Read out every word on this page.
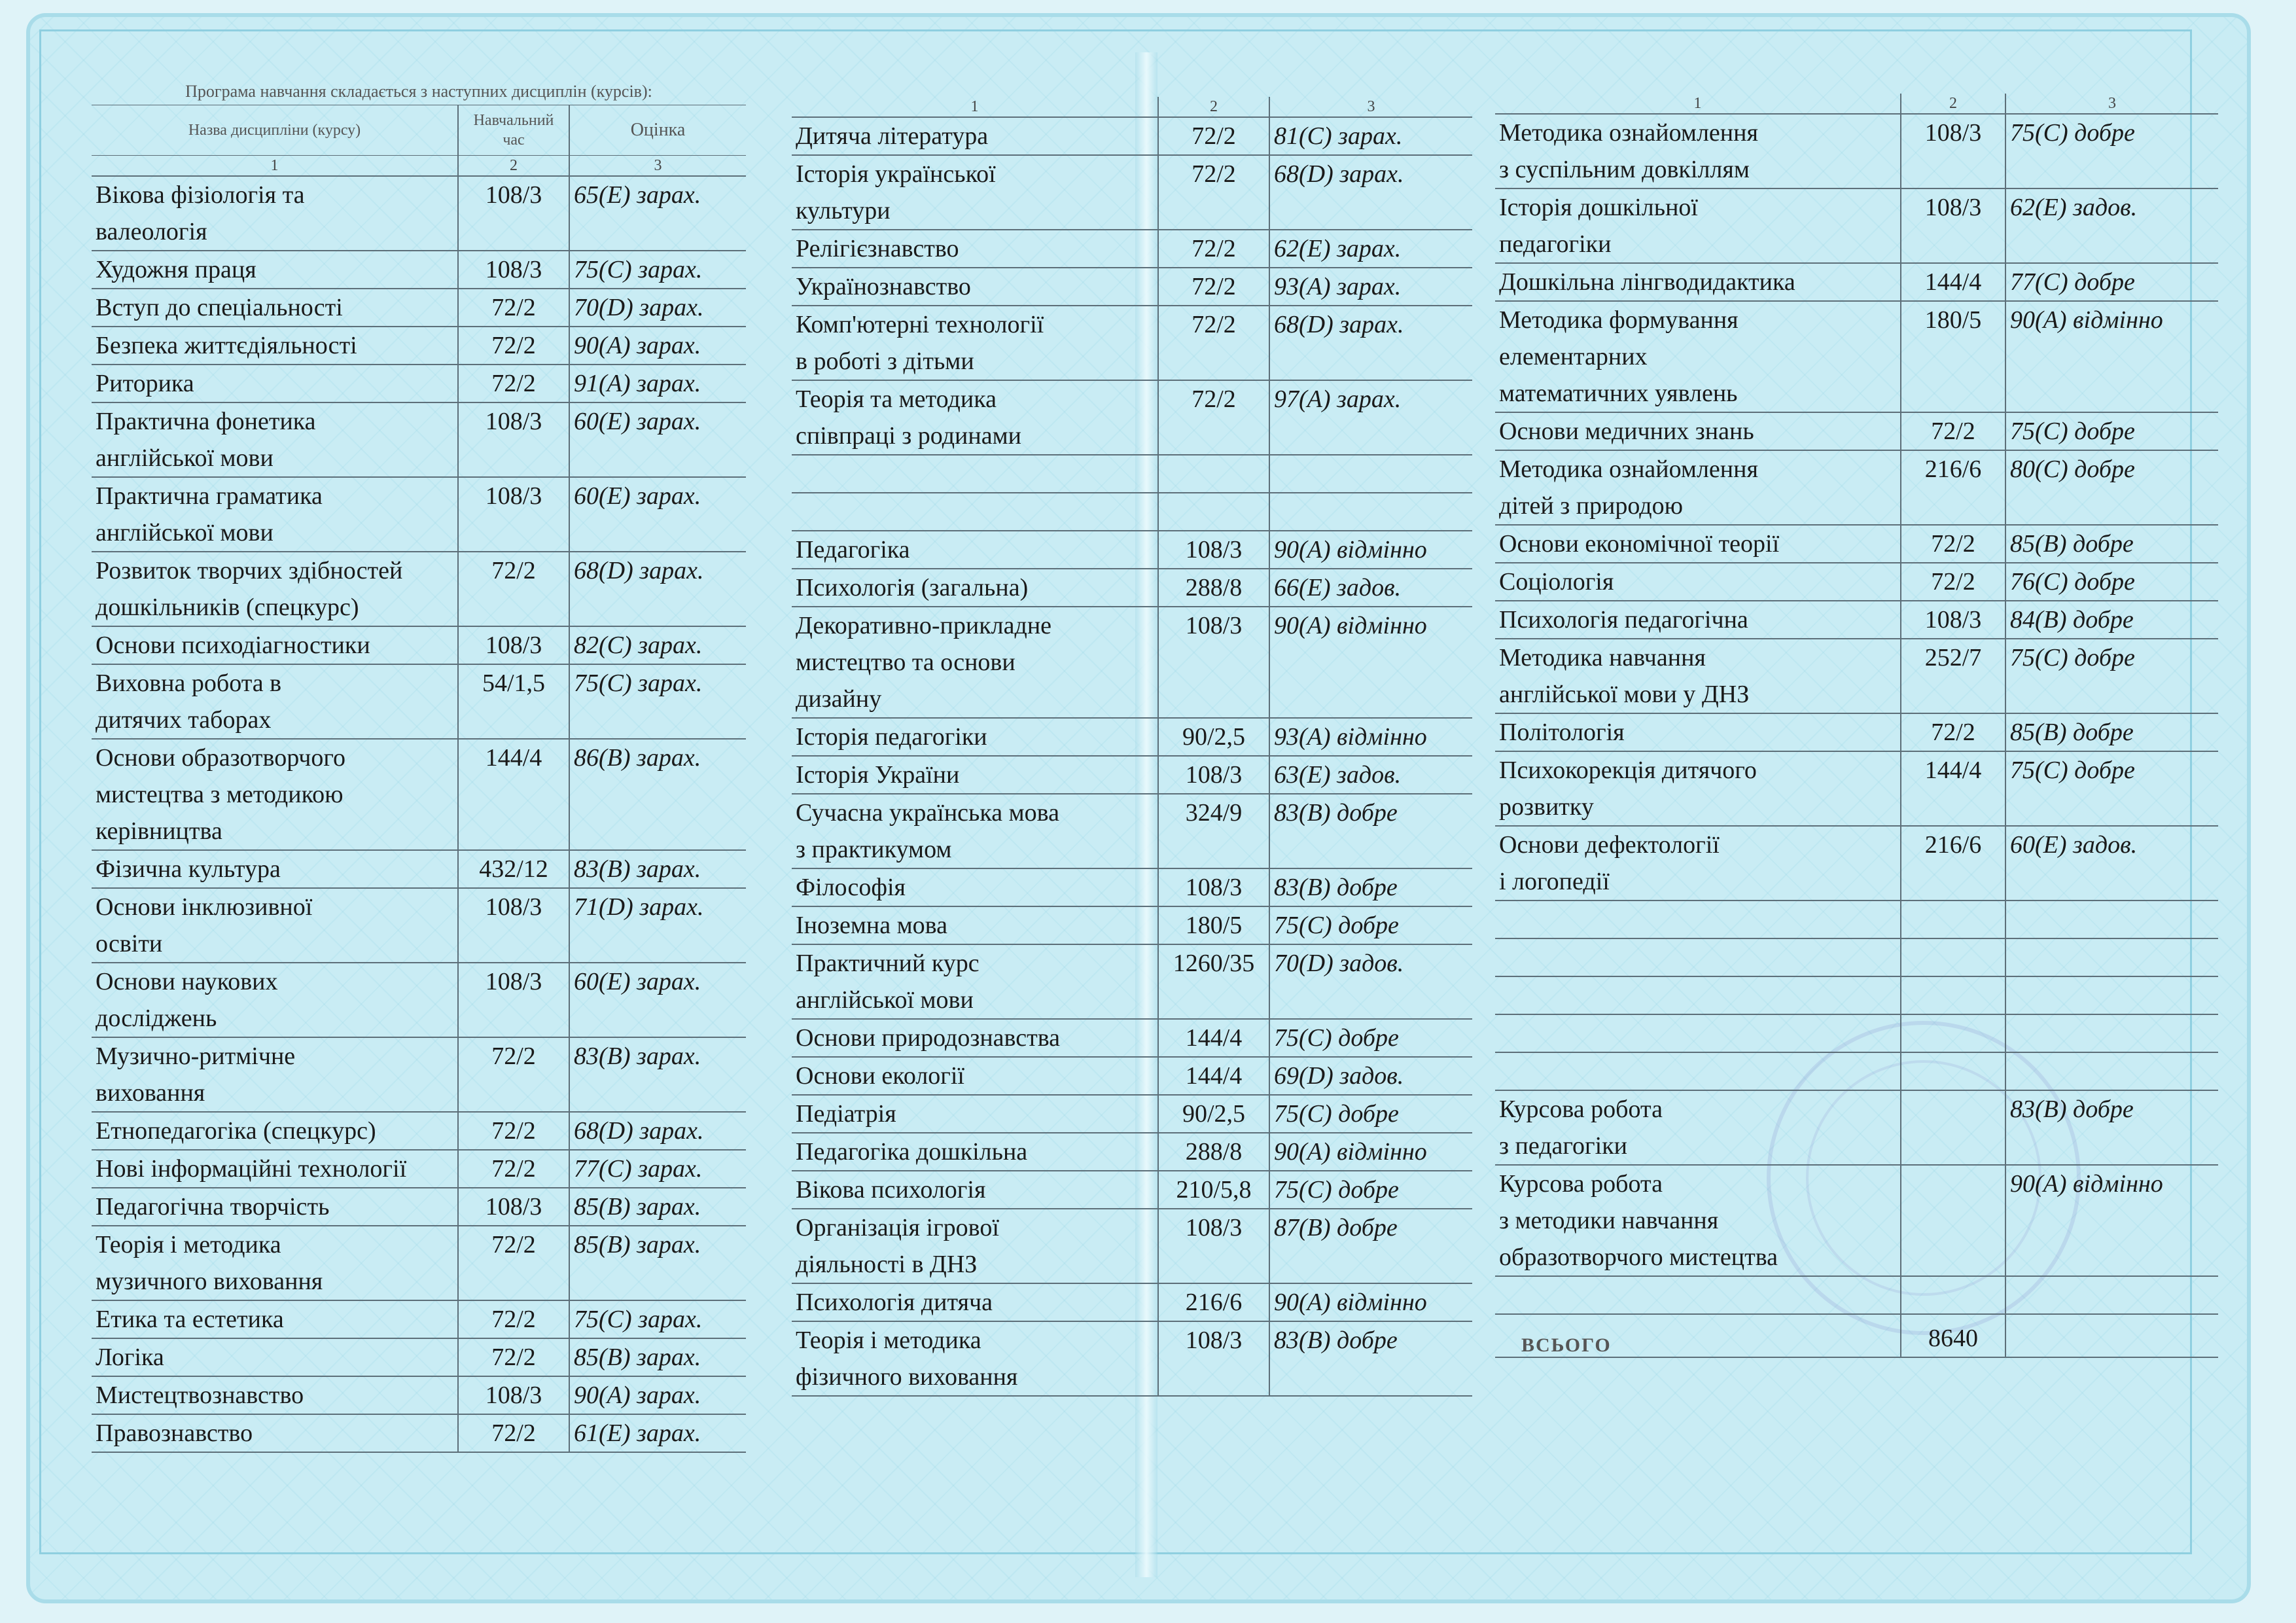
Програма навчання складається з наступних дисциплін (курсів):
Назва дисципліни (курсу)	Навчальний час	Оцінка
1	2	3
Вікова фізіологія та	108/3	65(E) зарах.
валеологія		
Художня праця	108/3	75(C) зарах.
Вступ до спеціальності	72/2	70(D) зарах.
Безпека життєдіяльності	72/2	90(A) зарах.
Риторика	72/2	91(A) зарах.
Практична фонетика	108/3	60(E) зарах.
англійської мови		
Практична граматика	108/3	60(E) зарах.
англійської мови		
Розвиток творчих здібностей	72/2	68(D) зарах.
дошкільників (спецкурс)		
Основи психодіагностики	108/3	82(C) зарах.
Виховна робота в	54/1,5	75(C) зарах.
дитячих таборах		
Основи образотворчого	144/4	86(B) зарах.
мистецтва з методикою		
керівництва		
Фізична культура	432/12	83(B) зарах.
Основи інклюзивної	108/3	71(D) зарах.
освіти		
Основи наукових	108/3	60(E) зарах.
досліджень		
Музично-ритмічне	72/2	83(B) зарах.
виховання		
Етнопедагогіка (спецкурс)	72/2	68(D) зарах.
Нові інформаційні технології	72/2	77(C) зарах.
Педагогічна творчість	108/3	85(B) зарах.
Теорія і методика	72/2	85(B) зарах.
музичного виховання		
Етика та естетика	72/2	75(C) зарах.
Логіка	72/2	85(B) зарах.
Мистецтвознавство	108/3	90(A) зарах.
Правознавство	72/2	61(E) зарах.
1	2	3
Дитяча література	72/2	81(C) зарах.
Історія української	72/2	68(D) зарах.
культури		
Релігієзнавство	72/2	62(E) зарах.
Українознавство	72/2	93(A) зарах.
Комп'ютерні технології	72/2	68(D) зарах.
в роботі з дітьми		
Теорія та методика	72/2	97(A) зарах.
співпраці з родинами		

Педагогіка	108/3	90(A) відмінно
Психологія (загальна)	288/8	66(E) задов.
Декоративно-прикладне	108/3	90(A) відмінно
мистецтво та основи		
дизайну		
Історія педагогіки	90/2,5	93(A) відмінно
Історія України	108/3	63(E) задов.
Сучасна українська мова	324/9	83(B) добре
з практикумом		
Філософія	108/3	83(B) добре
Іноземна мова	180/5	75(C) добре
Практичний курс	1260/35	70(D) задов.
англійської мови		
Основи природознавства	144/4	75(C) добре
Основи екології	144/4	69(D) задов.
Педіатрія	90/2,5	75(C) добре
Педагогіка дошкільна	288/8	90(A) відмінно
Вікова психологія	210/5,8	75(C) добре
Організація ігрової	108/3	87(B) добре
діяльності в ДНЗ		
Психологія дитяча	216/6	90(A) відмінно
Теорія і методика	108/3	83(B) добре
фізичного виховання		
1	2	3
Методика ознайомлення	108/3	75(C) добре
з суспільним довкіллям		
Історія дошкільної	108/3	62(E) задов.
педагогіки		
Дошкільна лінгводидактика	144/4	77(C) добре
Методика формування	180/5	90(A) відмінно
елементарних		
математичних уявлень		
Основи медичних знань	72/2	75(C) добре
Методика ознайомлення	216/6	80(C) добре
дітей з природою		
Основи економічної теорії	72/2	85(B) добре
Соціологія	72/2	76(C) добре
Психологія педагогічна	108/3	84(B) добре
Методика навчання	252/7	75(C) добре
англійської мови у ДНЗ		
Політологія	72/2	85(B) добре
Психокорекція дитячого	144/4	75(C) добре
розвитку		
Основи дефектології	216/6	60(E) задов.
і логопедії		

Курсова робота		83(B) добре
з педагогіки		
Курсова робота		90(A) відмінно
з методики навчання		
образотворчого мистецтва		

ВСЬОГО	8640	
